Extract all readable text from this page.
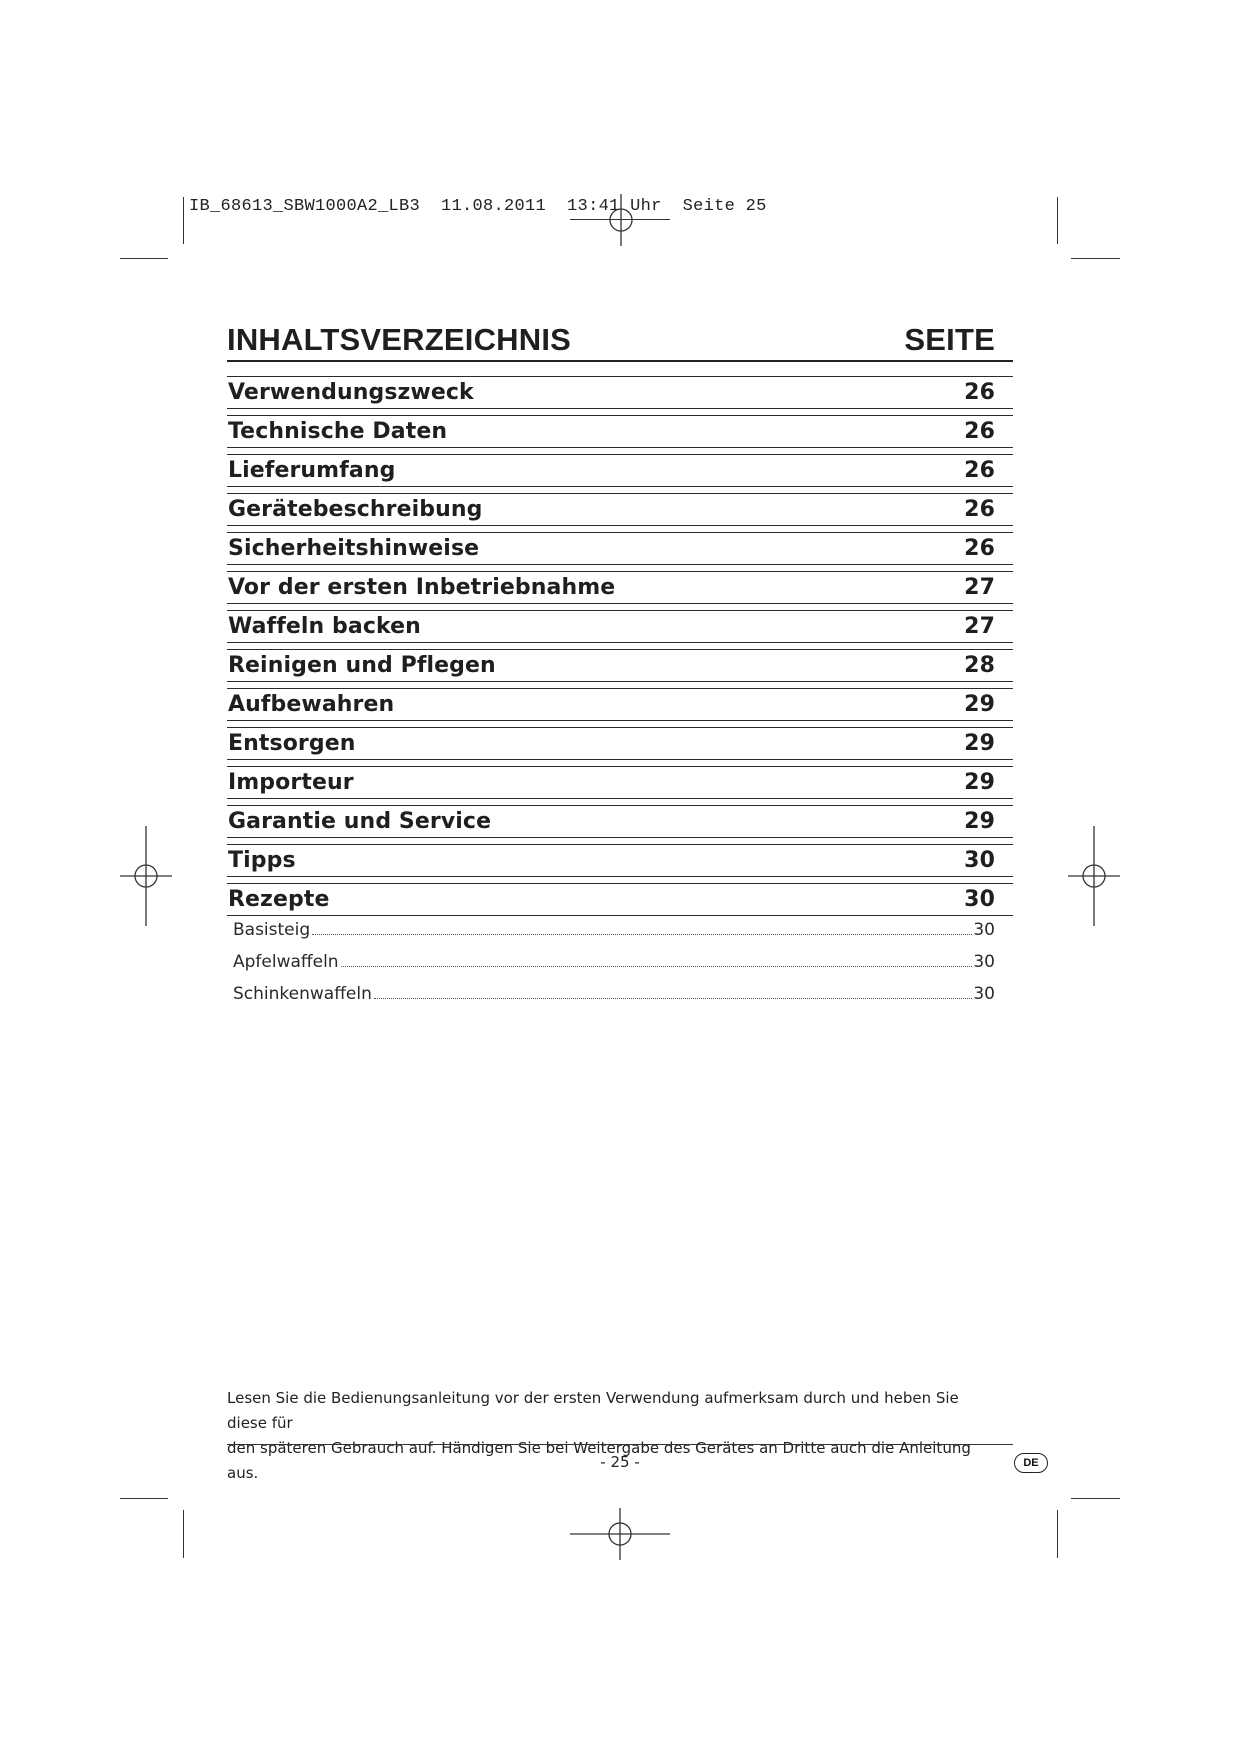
IB_68613_SBW1000A2_LB3  11.08.2011  13:41 Uhr  Seite 25
INHALTSVERZEICHNIS	SEITE
Verwendungszweck	26
Technische Daten	26
Lieferumfang	26
Gerätebeschreibung	26
Sicherheitshinweise	26
Vor der ersten Inbetriebnahme	27
Waffeln backen	27
Reinigen und Pflegen	28
Aufbewahren	29
Entsorgen	29
Importeur	29
Garantie und Service	29
Tipps	30
Rezepte	30
Basisteig	30
Apfelwaffeln	30
Schinkenwaffeln	30
Lesen Sie die Bedienungsanleitung vor der ersten Verwendung aufmerksam durch und heben Sie diese für
den späteren Gebrauch auf. Händigen Sie bei Weitergabe des Gerätes an Dritte auch die Anleitung aus.
- 25 -	DE
